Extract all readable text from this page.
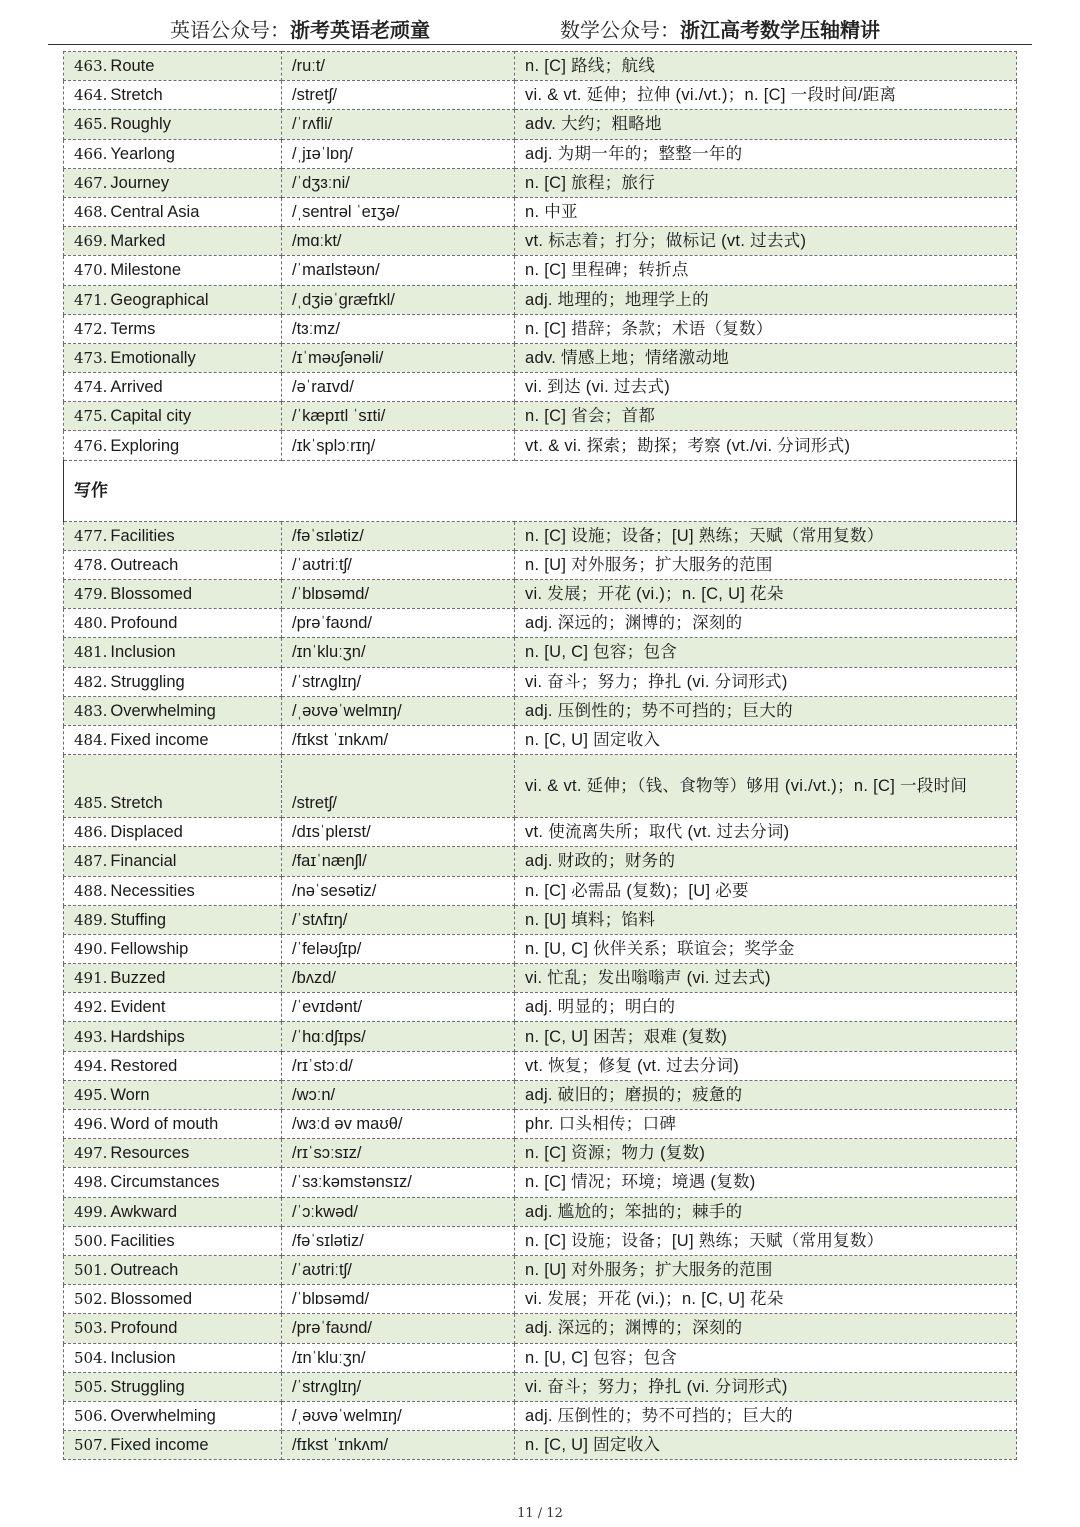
英语公众号：浙考英语老顽童	数学公众号：浙江高考数学压轴精讲
463. Route	/ruːt/	n. [C] 路线；航线
464. Stretch	/stretʃ/	vi. & vt. 延伸；拉伸 (vi./vt.)；n. [C] 一段时间/距离
465. Roughly	/ˈrʌfli/	adv. 大约；粗略地
466. Yearlong	/ˌjɪəˈlɒŋ/	adj. 为期一年的；整整一年的
467. Journey	/ˈdʒɜːni/	n. [C] 旅程；旅行
468. Central Asia	/ˌsentrəl ˈeɪʒə/	n. 中亚
469. Marked	/mɑːkt/	vt. 标志着；打分；做标记 (vt. 过去式)
470. Milestone	/ˈmaɪlstəʊn/	n. [C] 里程碑；转折点
471. Geographical	/ˌdʒiəˈɡræfɪkl/	adj. 地理的；地理学上的
472. Terms	/tɜːmz/	n. [C] 措辞；条款；术语（复数）
473. Emotionally	/ɪˈməʊʃənəli/	adv. 情感上地；情绪激动地
474. Arrived	/əˈraɪvd/	vi. 到达 (vi. 过去式)
475. Capital city	/ˈkæpɪtl ˈsɪti/	n. [C] 省会；首都
476. Exploring	/ɪkˈsplɔːrɪŋ/	vt. & vi. 探索；勘探；考察 (vt./vi. 分词形式)
写作		
477. Facilities	/fəˈsɪlətiz/	n. [C] 设施；设备；[U] 熟练；天赋（常用复数）
478. Outreach	/ˈaʊtriːtʃ/	n. [U] 对外服务；扩大服务的范围
479. Blossomed	/ˈblɒsəmd/	vi. 发展；开花 (vi.)；n. [C, U] 花朵
480. Profound	/prəˈfaʊnd/	adj. 深远的；渊博的；深刻的
481. Inclusion	/ɪnˈkluːʒn/	n. [U, C] 包容；包含
482. Struggling	/ˈstrʌɡlɪŋ/	vi. 奋斗；努力；挣扎 (vi. 分词形式)
483. Overwhelming	/ˌəʊvəˈwelmɪŋ/	adj. 压倒性的；势不可挡的；巨大的
484. Fixed income	/fɪkst ˈɪnkʌm/	n. [C, U] 固定收入
485. Stretch	/stretʃ/	vi. & vt. 延伸；（钱、食物等）够用 (vi./vt.)；n. [C] 一段时间
486. Displaced	/dɪsˈpleɪst/	vt. 使流离失所；取代 (vt. 过去分词)
487. Financial	/faɪˈnænʃl/	adj. 财政的；财务的
488. Necessities	/nəˈsesətiz/	n. [C] 必需品 (复数)；[U] 必要
489. Stuffing	/ˈstʌfɪŋ/	n. [U] 填料；馅料
490. Fellowship	/ˈfeləʊʃɪp/	n. [U, C] 伙伴关系；联谊会；奖学金
491. Buzzed	/bʌzd/	vi. 忙乱；发出嗡嗡声 (vi. 过去式)
492. Evident	/ˈevɪdənt/	adj. 明显的；明白的
493. Hardships	/ˈhɑːdʃɪps/	n. [C, U] 困苦；艰难 (复数)
494. Restored	/rɪˈstɔːd/	vt. 恢复；修复 (vt. 过去分词)
495. Worn	/wɔːn/	adj. 破旧的；磨损的；疲惫的
496. Word of mouth	/wɜːd əv maʊθ/	phr. 口头相传；口碑
497. Resources	/rɪˈsɔːsɪz/	n. [C] 资源；物力 (复数)
498. Circumstances	/ˈsɜːkəmstənsɪz/	n. [C] 情况；环境；境遇 (复数)
499. Awkward	/ˈɔːkwəd/	adj. 尴尬的；笨拙的；棘手的
500. Facilities	/fəˈsɪlətiz/	n. [C] 设施；设备；[U] 熟练；天赋（常用复数）
501. Outreach	/ˈaʊtriːtʃ/	n. [U] 对外服务；扩大服务的范围
502. Blossomed	/ˈblɒsəmd/	vi. 发展；开花 (vi.)；n. [C, U] 花朵
503. Profound	/prəˈfaʊnd/	adj. 深远的；渊博的；深刻的
504. Inclusion	/ɪnˈkluːʒn/	n. [U, C] 包容；包含
505. Struggling	/ˈstrʌɡlɪŋ/	vi. 奋斗；努力；挣扎 (vi. 分词形式)
506. Overwhelming	/ˌəʊvəˈwelmɪŋ/	adj. 压倒性的；势不可挡的；巨大的
507. Fixed income	/fɪkst ˈɪnkʌm/	n. [C, U] 固定收入
11 / 12
